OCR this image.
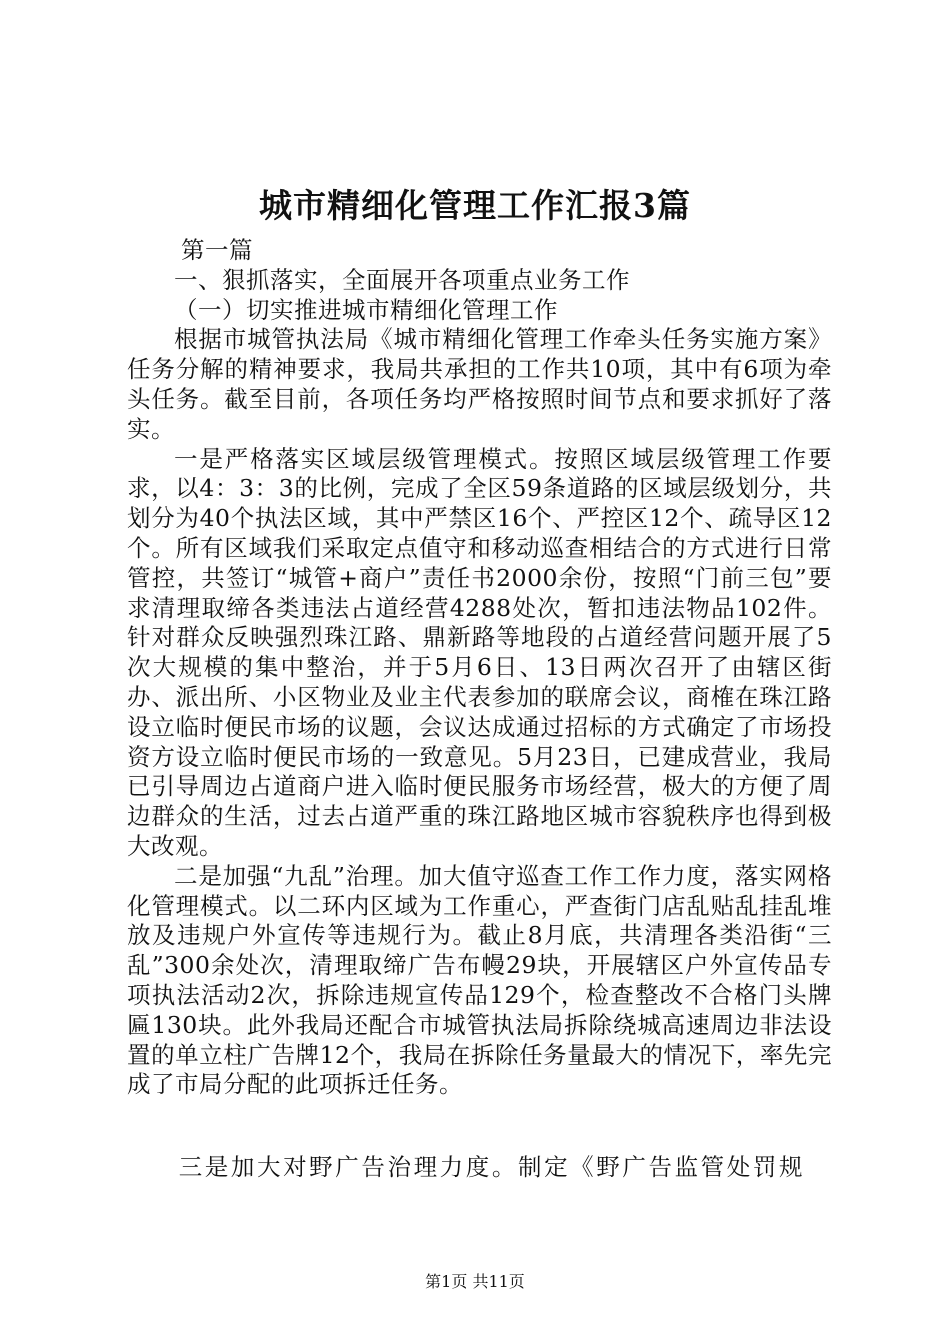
城市精细化管理工作汇报3篇

第一篇

一、狠抓落实，全面展开各项重点业务工作

（一）切实推进城市精细化管理工作

根据市城管执法局《城市精细化管理工作牵头任务实施方案》任务分解的精神要求，我局共承担的工作共10项，其中有6项为牵头任务。截至目前，各项任务均严格按照时间节点和要求抓好了落实。

一是严格落实区域层级管理模式。按照区域层级管理工作要求，以4：3：3的比例，完成了全区59条道路的区域层级划分，共划分为40个执法区域，其中严禁区16个、严控区12个、疏导区12个。所有区域我们采取定点值守和移动巡查相结合的方式进行日常管控，共签订“城管+商户”责任书2000余份，按照“门前三包”要求清理取缔各类违法占道经营4288处次，暂扣违法物品102件。针对群众反映强烈珠江路、鼎新路等地段的占道经营问题开展了5次大规模的集中整治，并于5月6日、13日两次召开了由辖区街办、派出所、小区物业及业主代表参加的联席会议，商榷在珠江路设立临时便民市场的议题，会议达成通过招标的方式确定了市场投资方设立临时便民市场的一致意见。5月23日，已建成营业，我局已引导周边占道商户进入临时便民服务市场经营，极大的方便了周边群众的生活，过去占道严重的珠江路地区城市容貌秩序也得到极大改观。

二是加强“九乱”治理。加大值守巡查工作工作力度，落实网格化管理模式。以二环内区域为工作重心，严查街门店乱贴乱挂乱堆放及违规户外宣传等违规行为。截止8月底，共清理各类沿街“三乱”300余处次，清理取缔广告布幔29块，开展辖区户外宣传品专项执法活动2次，拆除违规宣传品129个，检查整改不合格门头牌匾130块。此外我局还配合市城管执法局拆除绕城高速周边非法设置的单立柱广告牌12个，我局在拆除任务量最大的情况下，率先完成了市局分配的此项拆迁任务。

三是加大对野广告治理力度。制定《野广告监管处罚规

第1页 共11页
